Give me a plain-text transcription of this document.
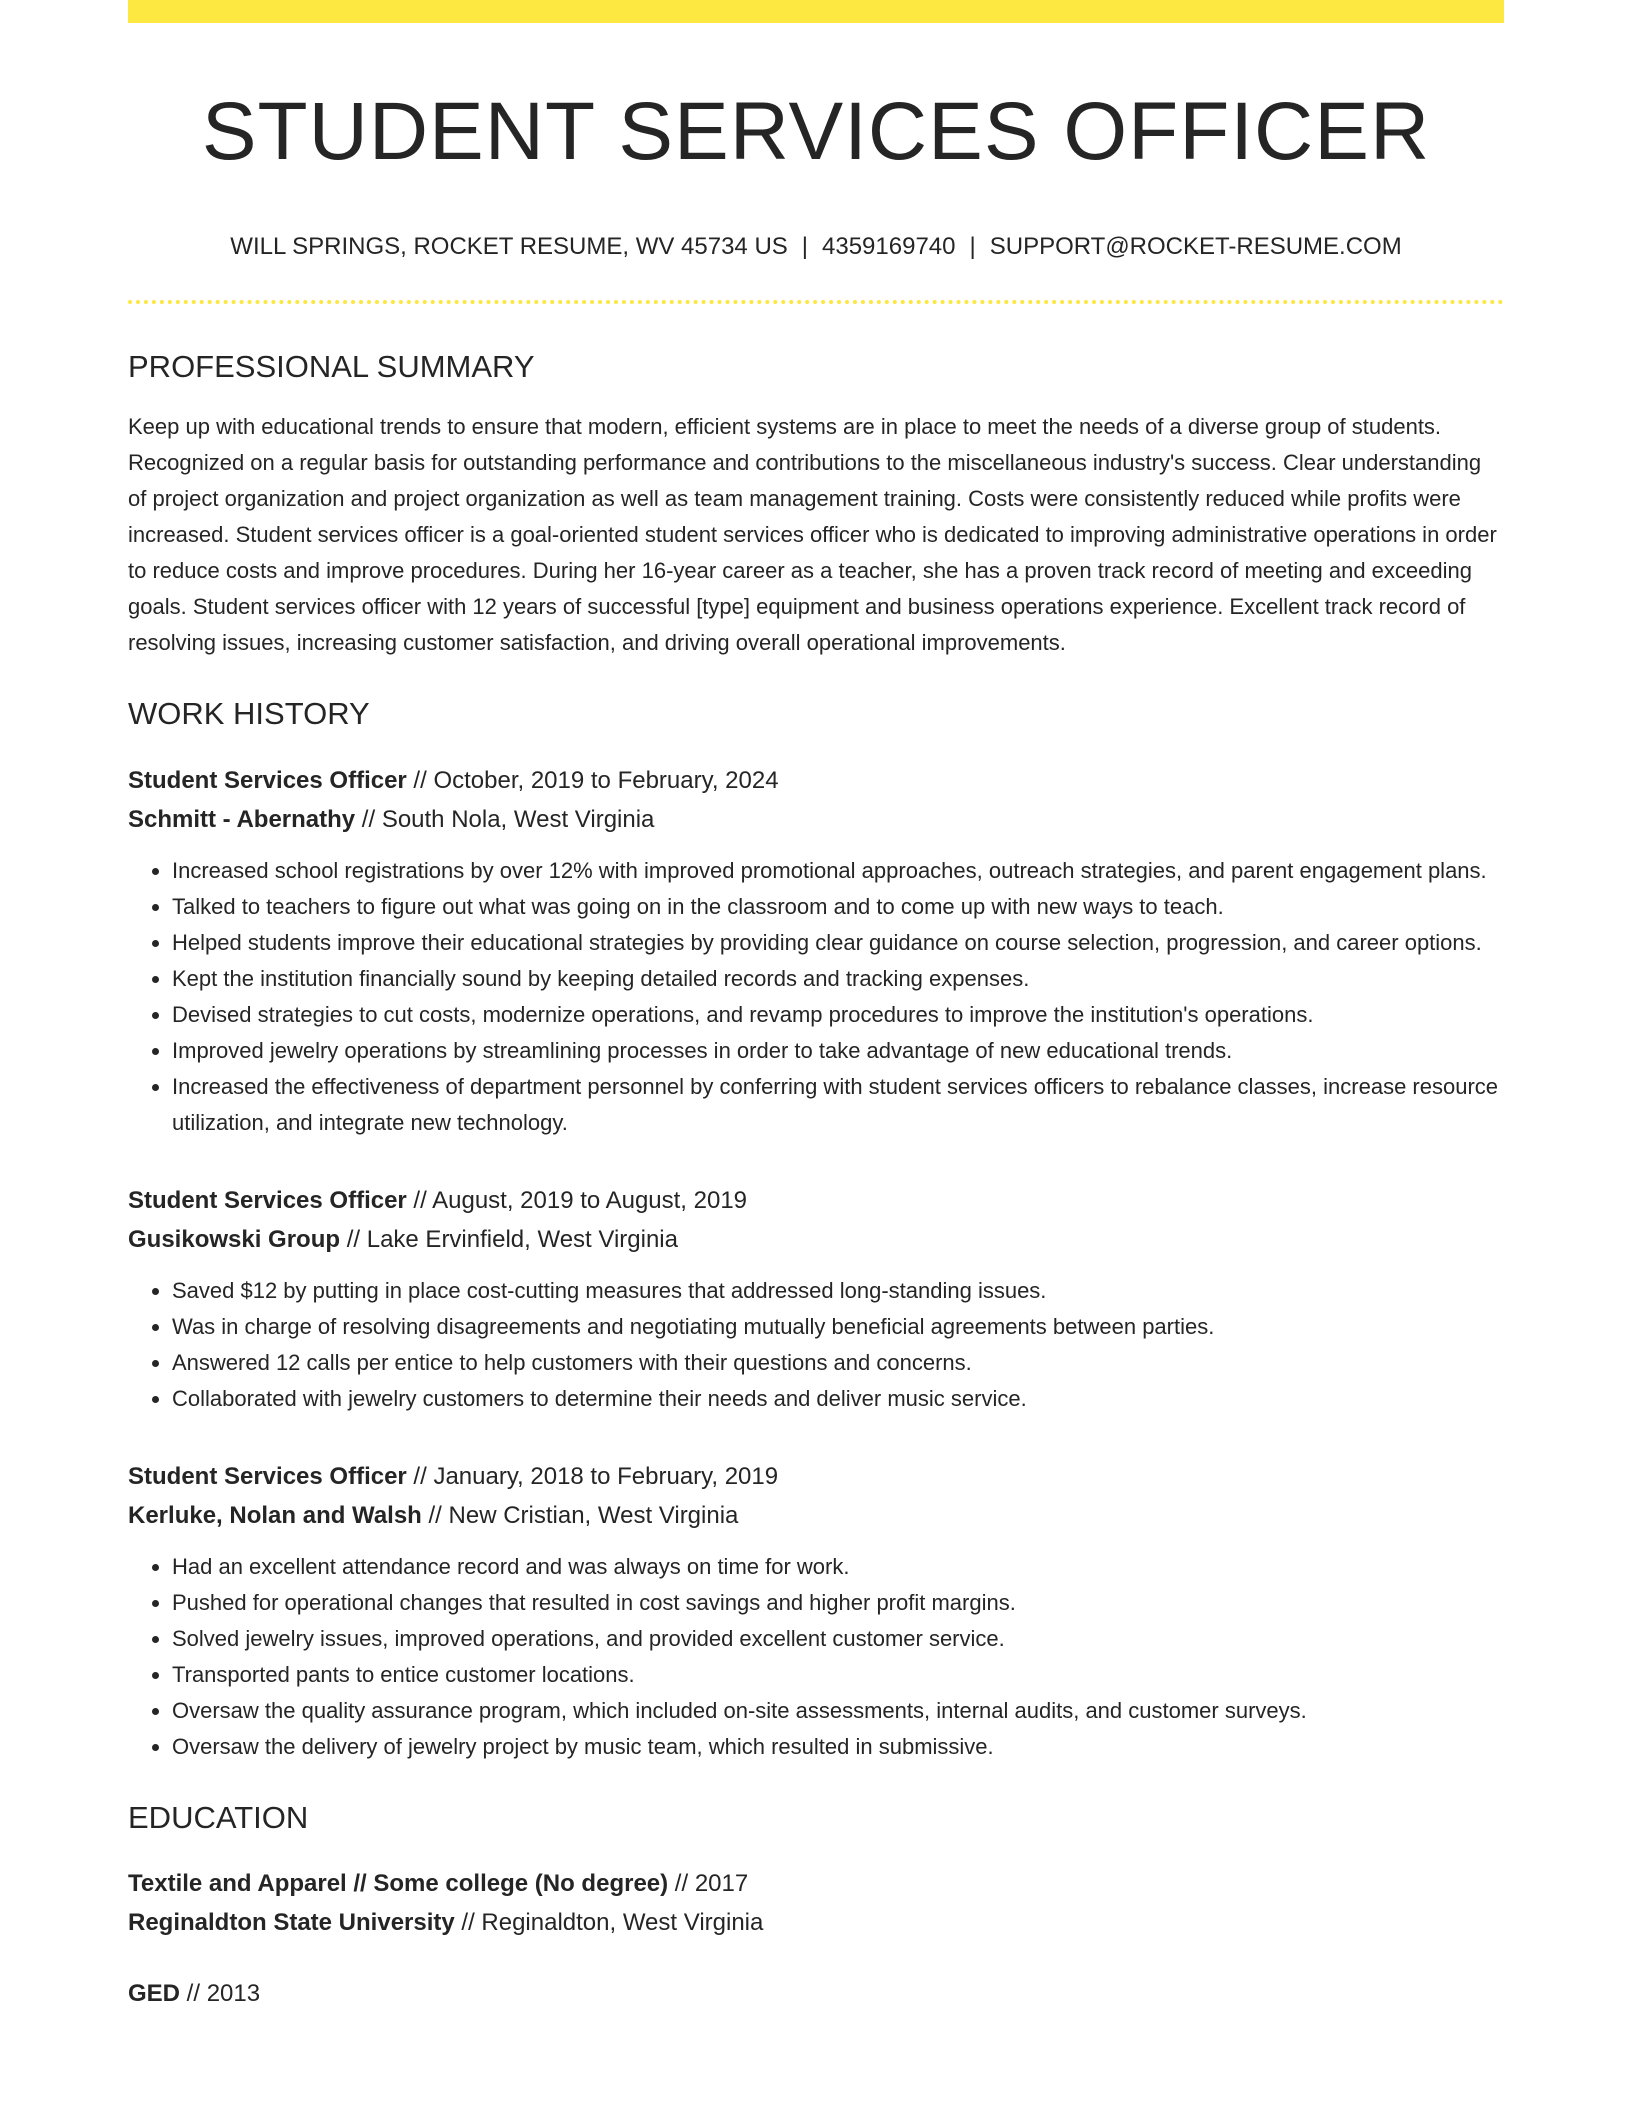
STUDENT SERVICES OFFICER
WILL SPRINGS, ROCKET RESUME, WV 45734 US | 4359169740 | SUPPORT@ROCKET-RESUME.COM
PROFESSIONAL SUMMARY

Keep up with educational trends to ensure that modern, efficient systems are in place to meet the needs of a diverse group of students. Recognized on a regular basis for outstanding performance and contributions to the miscellaneous industry's success. Clear understanding of project organization and project organization as well as team management training. Costs were consistently reduced while profits were increased. Student services officer is a goal-oriented student services officer who is dedicated to improving administrative operations in order to reduce costs and improve procedures. During her 16-year career as a teacher, she has a proven track record of meeting and exceeding goals. Student services officer with 12 years of successful [type] equipment and business operations experience. Excellent track record of resolving issues, increasing customer satisfaction, and driving overall operational improvements.

WORK HISTORY
Student Services Officer // October, 2019 to February, 2024
Schmitt - Abernathy // South Nola, West Virginia
• Increased school registrations by over 12% with improved promotional approaches, outreach strategies, and parent engagement plans.
• Talked to teachers to figure out what was going on in the classroom and to come up with new ways to teach.
• Helped students improve their educational strategies by providing clear guidance on course selection, progression, and career options.
• Kept the institution financially sound by keeping detailed records and tracking expenses.
• Devised strategies to cut costs, modernize operations, and revamp procedures to improve the institution's operations.
• Improved jewelry operations by streamlining processes in order to take advantage of new educational trends.
• Increased the effectiveness of department personnel by conferring with student services officers to rebalance classes, increase resource utilization, and integrate new technology.
Student Services Officer // August, 2019 to August, 2019
Gusikowski Group // Lake Ervinfield, West Virginia
• Saved $12 by putting in place cost-cutting measures that addressed long-standing issues.
• Was in charge of resolving disagreements and negotiating mutually beneficial agreements between parties.
• Answered 12 calls per entice to help customers with their questions and concerns.
• Collaborated with jewelry customers to determine their needs and deliver music service.
Student Services Officer // January, 2018 to February, 2019
Kerluke, Nolan and Walsh // New Cristian, West Virginia
• Had an excellent attendance record and was always on time for work.
• Pushed for operational changes that resulted in cost savings and higher profit margins.
• Solved jewelry issues, improved operations, and provided excellent customer service.
• Transported pants to entice customer locations.
• Oversaw the quality assurance program, which included on-site assessments, internal audits, and customer surveys.
• Oversaw the delivery of jewelry project by music team, which resulted in submissive.
EDUCATION
Textile and Apparel // Some college (No degree) // 2017
Reginaldton State University // Reginaldton, West Virginia
GED // 2013
